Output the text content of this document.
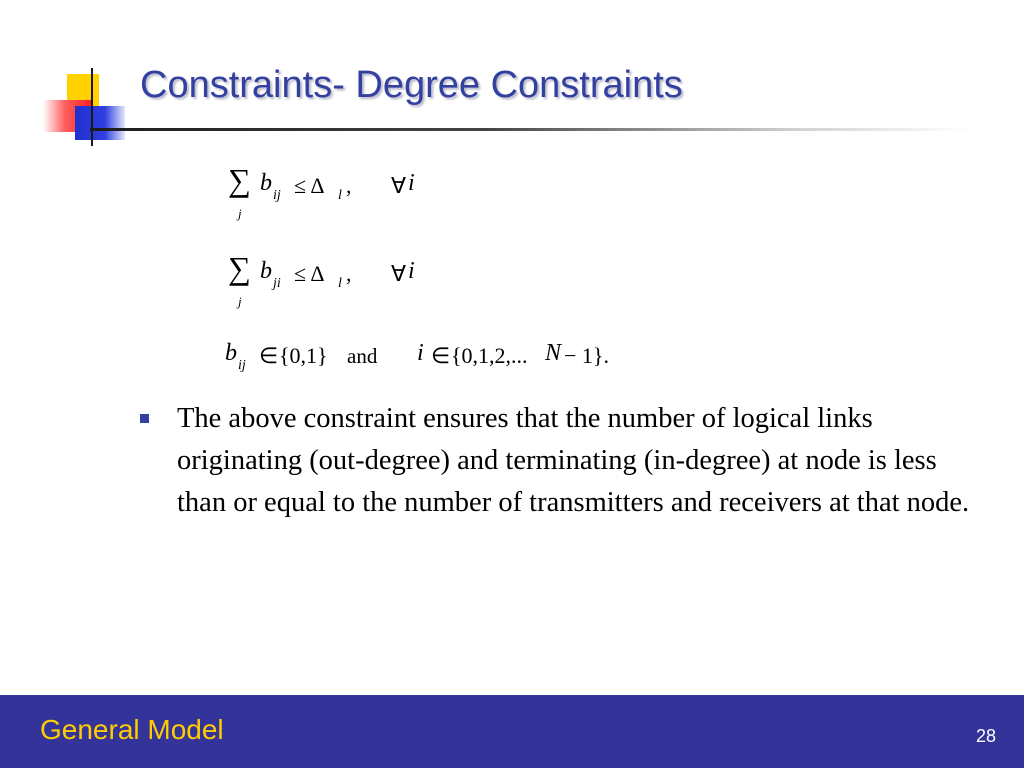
Constraints- Degree Constraints
∑
j
b ij ≤ Δ l , ∀ i
∑
j
b ji ≤ Δ l , ∀ i
b ij ∈ {0,1} and i ∈ {0,1,2,... N − 1}.
The above constraint ensures that the number of logical links originating (out-degree) and terminating (in-degree) at node is less than or equal to the number of transmitters and receivers at that node.
General Model	28
